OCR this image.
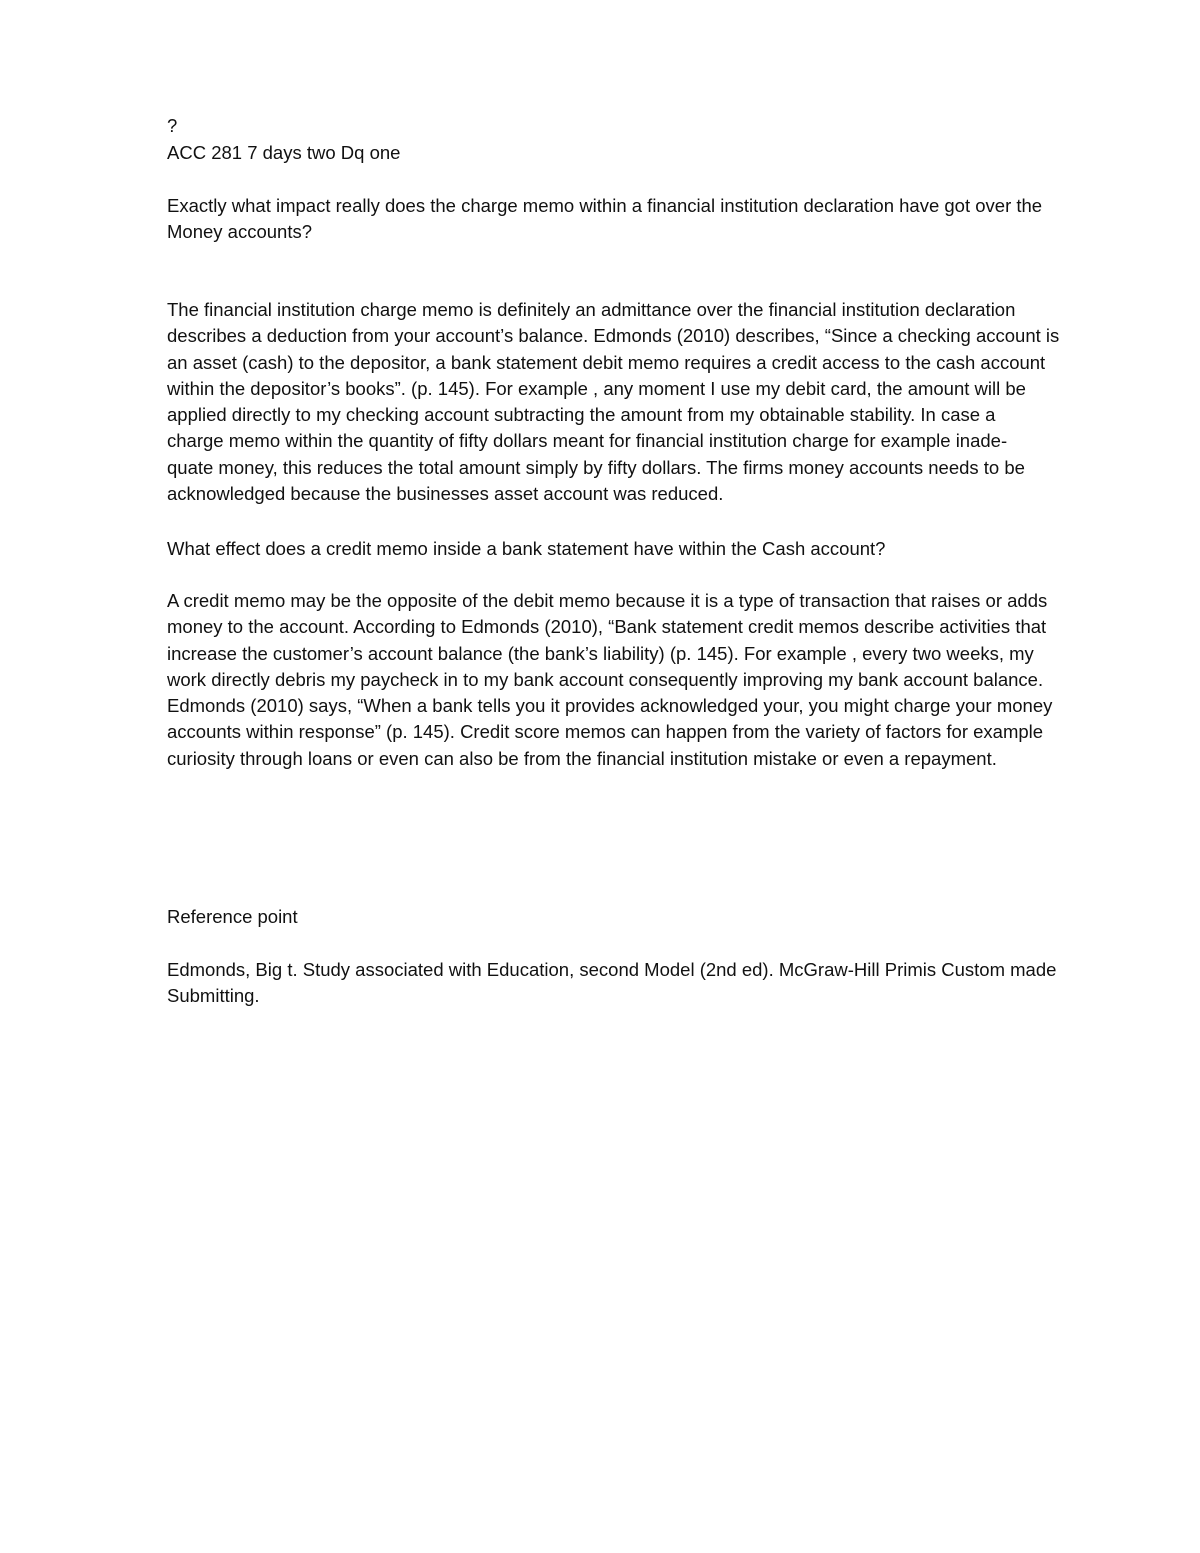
?

ACC 281 7 days two Dq one

Exactly what impact really does the charge memo within a financial institution declaration have got over the
Money accounts?

The financial institution charge memo is definitely an admittance over the financial institution declaration
describes a deduction from your account’s balance. Edmonds (2010) describes, “Since a checking account is
an asset (cash) to the depositor, a bank statement debit memo requires a credit access to the cash account
within the depositor’s books”. (p. 145). For example , any moment I use my debit card, the amount will be
applied directly to my checking account subtracting the amount from my obtainable stability. In case a
charge memo within the quantity of fifty dollars meant for financial institution charge for example inade-
quate money, this reduces the total amount simply by fifty dollars. The firms money accounts needs to be
acknowledged because the businesses asset account was reduced.

What effect does a credit memo inside a bank statement have within the Cash account?

A credit memo may be the opposite of the debit memo because it is a type of transaction that raises or adds
money to the account. According to Edmonds (2010), “Bank statement credit memos describe activities that
increase the customer’s account balance (the bank’s liability) (p. 145). For example , every two weeks, my
work directly debris my paycheck in to my bank account consequently improving my bank account balance.
Edmonds (2010) says, “When a bank tells you it provides acknowledged your, you might charge your money
accounts within response” (p. 145). Credit score memos can happen from the variety of factors for example
curiosity through loans or even can also be from the financial institution mistake or even a repayment.

Reference point

Edmonds, Big t. Study associated with Education, second Model (2nd ed). McGraw-Hill Primis Custom made
Submitting.
